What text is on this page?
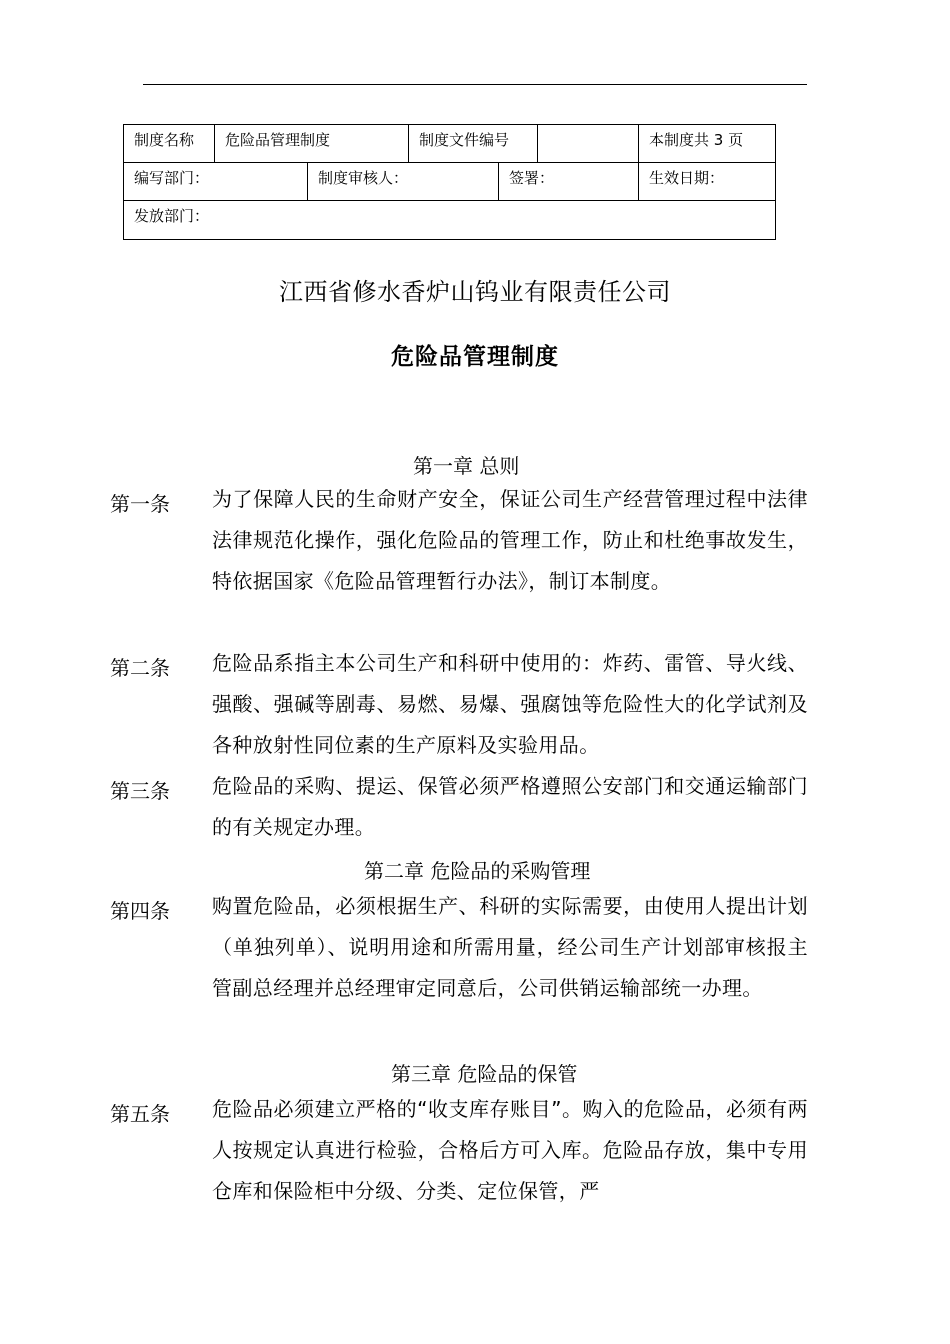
制度名称	危险品管理制度	制度文件编号	本制度共 3 页
编写部门：	制度审核人：	签署：	生效日期：
发放部门：
江西省修水香炉山钨业有限责任公司
危险品管理制度
第一章 总则
第一条 为了保障人民的生命财产安全，保证公司生产经营管理过程中法律法律规范化操作，强化危险品的管理工作，防止和杜绝事故发生，特依据国家《危险品管理暂行办法》，制订本制度。
第二条 危险品系指主本公司生产和科研中使用的：炸药、雷管、导火线、强酸、强碱等剧毒、易燃、易爆、强腐蚀等危险性大的化学试剂及各种放射性同位素的生产原料及实验用品。
第三条 危险品的采购、提运、保管必须严格遵照公安部门和交通运输部门的有关规定办理。
第二章 危险品的采购管理
第四条 购置危险品，必须根据生产、科研的实际需要，由使用人提出计划（单独列单）、说明用途和所需用量，经公司生产计划部审核报主管副总经理并总经理审定同意后，公司供销运输部统一办理。
第三章 危险品的保管
第五条 危险品必须建立严格的“收支库存账目”。购入的危险品，必须有两人按规定认真进行检验，合格后方可入库。危险品存放，集中专用仓库和保险柜中分级、分类、定位保管，严
